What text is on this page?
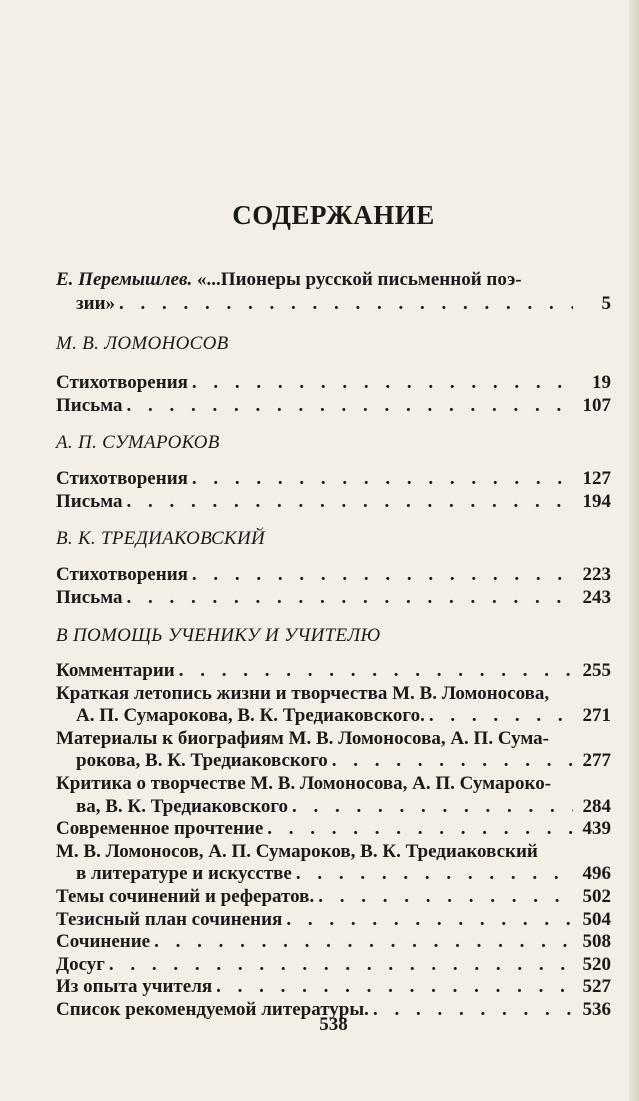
СОДЕРЖАНИЕ
Е. Перемышлев. «...Пионеры русской письменной поэ-
зии» . . .	5
М. В. ЛОМОНОСОВ
Стихотворения . . .	19
Письма . . .	107
А. П. СУМАРОКОВ
Стихотворения . . .	127
Письма . . .	194
В. К. ТРЕДИАКОВСКИЙ
Стихотворения . . .	223
Письма . . .	243
В ПОМОЩЬ УЧЕНИКУ И УЧИТЕЛЮ
Комментарии . . .	255
Краткая летопись жизни и творчества М. В. Ломоносова,
А. П. Сумарокова, В. К. Тредиаковского. . . .	271
Материалы к биографиям М. В. Ломоносова, А. П. Сума-
рокова, В. К. Тредиаковского . . .	277
Критика о творчестве М. В. Ломоносова, А. П. Сумароко-
ва, В. К. Тредиаковского . . .	284
Современное прочтение . . .	439
М. В. Ломоносов, А. П. Сумароков, В. К. Тредиаковский
в литературе и искусстве . . .	496
Темы сочинений и рефератов. . . .	502
Тезисный план сочинения . . .	504
Сочинение . . .	508
Досуг . . .	520
Из опыта учителя . . .	527
Список рекомендуемой литературы. . . .	536
538
